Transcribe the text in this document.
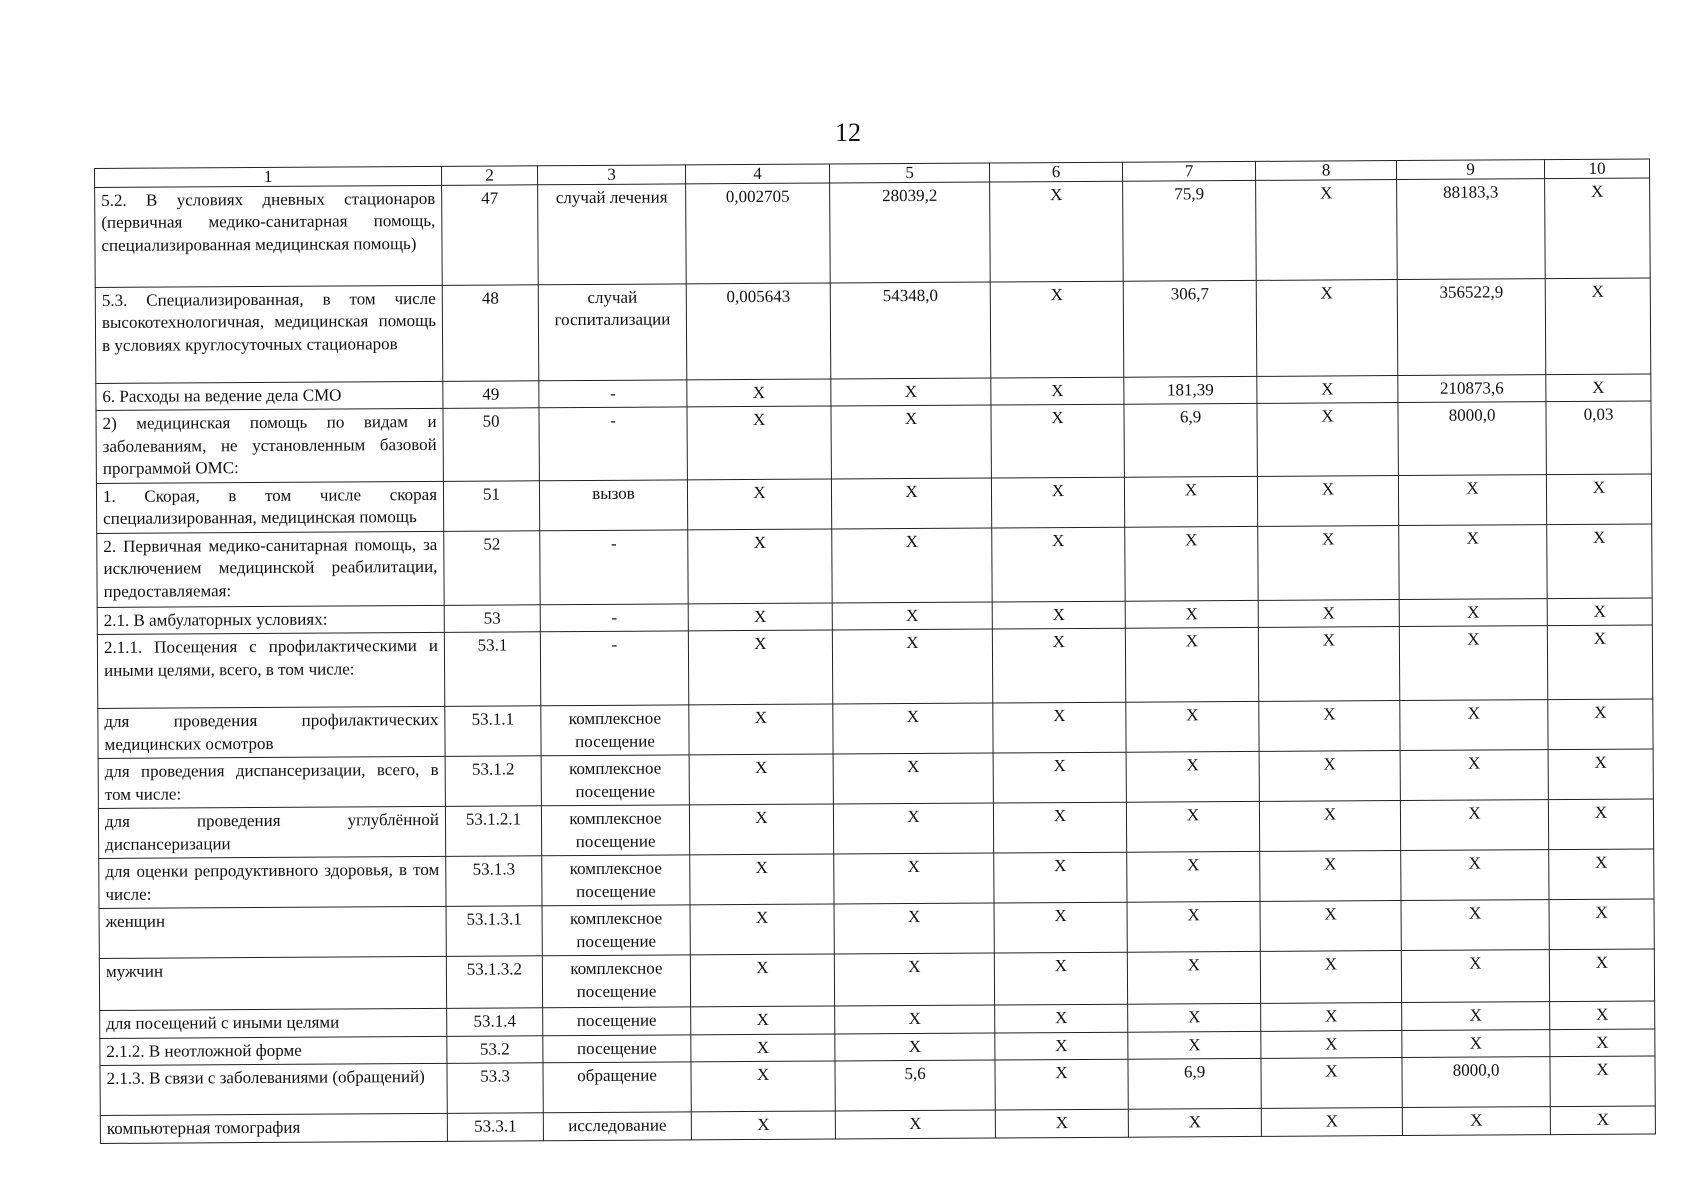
12
1	2	3	4	5	6	7	8	9	10
5.2. В условиях дневных стационаров (первичная медико-санитарная помощь, специализированная медицинская помощь)	47	случай лечения	0,002705	28039,2	X	75,9	X	88183,3	X
5.3. Специализированная, в том числе высокотехнологичная, медицинская помощь в условиях круглосуточных стационаров	48	случай госпитализации	0,005643	54348,0	X	306,7	X	356522,9	X
6. Расходы на ведение дела СМО	49	-	X	X	X	181,39	X	210873,6	X
2) медицинская помощь по видам и заболеваниям, не установленным базовой программой ОМС:	50	-	X	X	X	6,9	X	8000,0	0,03
1. Скорая, в том числе скорая специализированная, медицинская помощь	51	вызов	X	X	X	X	X	X	X
2. Первичная медико-санитарная помощь, за исключением медицинской реабилитации, предоставляемая:	52	-	X	X	X	X	X	X	X
2.1. В амбулаторных условиях:	53	-	X	X	X	X	X	X	X
2.1.1. Посещения с профилактическими и иными целями, всего, в том числе:	53.1	-	X	X	X	X	X	X	X
для проведения профилактических медицинских осмотров	53.1.1	комплексное посещение	X	X	X	X	X	X	X
для проведения диспансеризации, всего, в том числе:	53.1.2	комплексное посещение	X	X	X	X	X	X	X
для проведения углублённой диспансеризации	53.1.2.1	комплексное посещение	X	X	X	X	X	X	X
для оценки репродуктивного здоровья, в том числе:	53.1.3	комплексное посещение	X	X	X	X	X	X	X
женщин	53.1.3.1	комплексное посещение	X	X	X	X	X	X	X
мужчин	53.1.3.2	комплексное посещение	X	X	X	X	X	X	X
для посещений с иными целями	53.1.4	посещение	X	X	X	X	X	X	X
2.1.2. В неотложной форме	53.2	посещение	X	X	X	X	X	X	X
2.1.3. В связи с заболеваниями (обращений)	53.3	обращение	X	5,6	X	6,9	X	8000,0	X
компьютерная томография	53.3.1	исследование	X	X	X	X	X	X	X
